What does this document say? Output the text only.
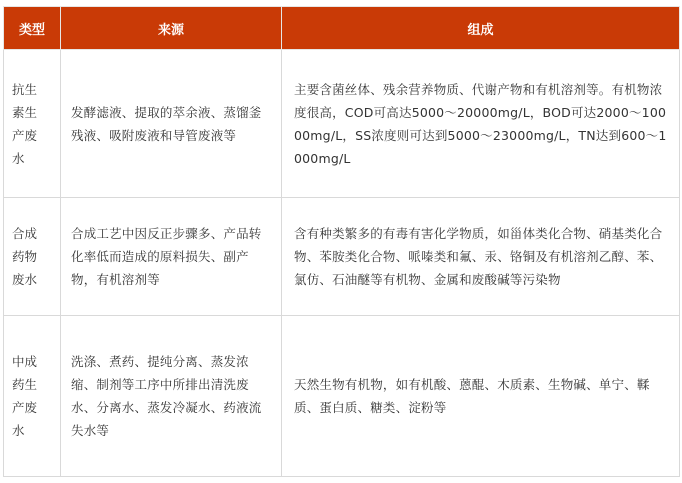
类型	来源	组成

抗生素生产废水	发酵滤液、提取的萃余液、蒸馏釜残液、吸附废液和导管废液等	主要含菌丝体、残余营养物质、代谢产物和有机溶剂等。有机物浓度很高，COD可高达5000～20000mg/L，BOD可达2000～10000mg/L，SS浓度则可达到5000～23000mg/L，TN达到600～1000mg/L

合成药物废水	合成工艺中因反正步骤多、产品转化率低而造成的原料损失、副产物，有机溶剂等	含有种类繁多的有毒有害化学物质，如甾体类化合物、硝基类化合物、苯胺类化合物、哌嗪类和氟、汞、铬铜及有机溶剂乙醇、苯、氯仿、石油醚等有机物、金属和废酸碱等污染物

中成药生产废水	洗涤、煮药、提纯分离、蒸发浓缩、制剂等工序中所排出清洗废水、分离水、蒸发冷凝水、药液流失水等	天然生物有机物，如有机酸、蒽醌、木质素、生物碱、单宁、鞣质、蛋白质、糖类、淀粉等
